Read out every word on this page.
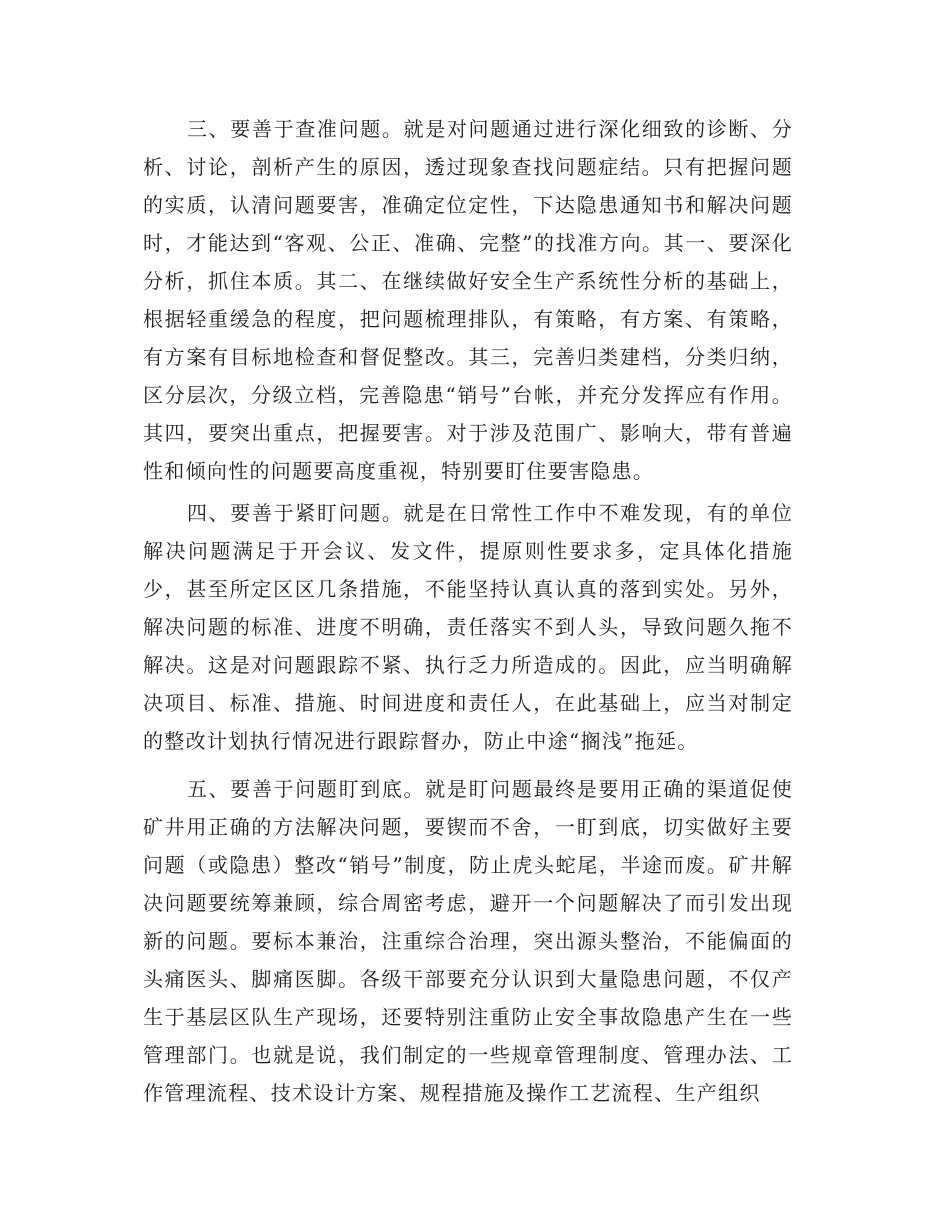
三、要善于查准问题。就是对问题通过进行深化细致的诊断、分析、讨论，剖析产生的原因，透过现象查找问题症结。只有把握问题的实质，认清问题要害，准确定位定性，下达隐患通知书和解决问题时，才能达到“客观、公正、准确、完整”的找准方向。其一、要深化分析，抓住本质。其二、在继续做好安全生产系统性分析的基础上，根据轻重缓急的程度，把问题梳理排队，有策略，有方案、有策略，有方案有目标地检查和督促整改。其三，完善归类建档，分类归纳，区分层次，分级立档，完善隐患“销号”台帐，并充分发挥应有作用。其四，要突出重点，把握要害。对于涉及范围广、影响大，带有普遍性和倾向性的问题要高度重视，特别要盯住要害隐患。

四、要善于紧盯问题。就是在日常性工作中不难发现，有的单位解决问题满足于开会议、发文件，提原则性要求多，定具体化措施少，甚至所定区区几条措施，不能坚持认真认真的落到实处。另外，解决问题的标准、进度不明确，责任落实不到人头，导致问题久拖不解决。这是对问题跟踪不紧、执行乏力所造成的。因此，应当明确解决项目、标准、措施、时间进度和责任人，在此基础上，应当对制定的整改计划执行情况进行跟踪督办，防止中途“搁浅”拖延。

五、要善于问题盯到底。就是盯问题最终是要用正确的渠道促使矿井用正确的方法解决问题，要锲而不舍，一盯到底，切实做好主要问题（或隐患）整改“销号”制度，防止虎头蛇尾，半途而废。矿井解决问题要统筹兼顾，综合周密考虑，避开一个问题解决了而引发出现新的问题。要标本兼治，注重综合治理，突出源头整治，不能偏面的头痛医头、脚痛医脚。各级干部要充分认识到大量隐患问题，不仅产生于基层区队生产现场，还要特别注重防止安全事故隐患产生在一些管理部门。也就是说，我们制定的一些规章管理制度、管理办法、工作管理流程、技术设计方案、规程措施及操作工艺流程、生产组织
